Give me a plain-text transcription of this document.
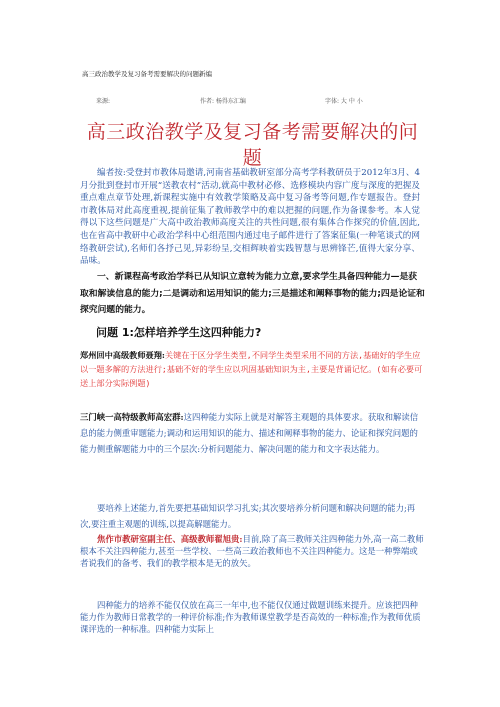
高三政治教学及复习备考需要解决的问题新编
来源:	作者: 杨得东汇编	字体: 大 中 小
高三政治教学及复习备考需要解决的问
题
编者按:受登封市教体局邀请,河南省基础教研室部分高考学科教研员于2012年3月、4月分批到登封市开展“送教农村”活动,就高中教材必修、选修模块内容广度与深度的把握及重点难点章节处理,新课程实施中有效教学策略及高中复习备考等问题,作专题报告。登封市教体局对此高度重视,提前征集了教师教学中的难以把握的问题,作为备课参考。本人觉得以下这些问题是广大高中政治教师高度关注的共性问题,很有集体合作探究的价值,因此,也在省高中教研中心政治学科中心组范围内通过电子邮件进行了答案征集(一种笔谈式的网络教研尝试),名师们各抒己见,异彩纷呈,交相辉映着实践智慧与思辨锋芒,值得大家分享、品味。
一、新课程高考政治学科已从知识立意转为能力立意,要求学生具备四种能力—是获取和解读信息的能力;二是调动和运用知识的能力;三是描述和阐释事物的能力;四是论证和探究问题的能力。
问题 1:怎样培养学生这四种能力?
郑州回中高级教师聂翔:关键在于区分学生类型,不同学生类型采用不同的方法,基础好的学生应以一题多解的方法进行;基础不好的学生应以巩固基础知识为主,主要是背诵记忆。(如有必要可送上部分实际例题)
三门峡一高特级教师高宏群:这四种能力实际上就是对解答主观题的具体要求。获取和解读信息的能力侧重审题能力;调动和运用知识的能力、描述和阐释事物的能力、论证和探究问题的能力侧重解题能力中的三个层次:分析问题能力、解决问题的能力和文字表达能力。
要培养上述能力,首先要把基础知识学习扎实;其次要培养分析问题和解决问题的能力;再次,要注重主观题的训练,以提高解题能力。
焦作市教研室副主任、高级教师翟旭贵:目前,除了高三教师关注四种能力外,高一高二教师根本不关注四种能力,甚至一些学校、一些高三政治教师也不关注四种能力。这是一种弊端或者说我们的备考、我们的教学根本是无的放矢。
四种能力的培养不能仅仅放在高三一年中,也不能仅仅通过做题训练来提升。应该把四种能力作为教师日常教学的一种评价标准;作为教师课堂教学是否高效的一种标准;作为教师优质课评选的一种标准。四种能力实际上
